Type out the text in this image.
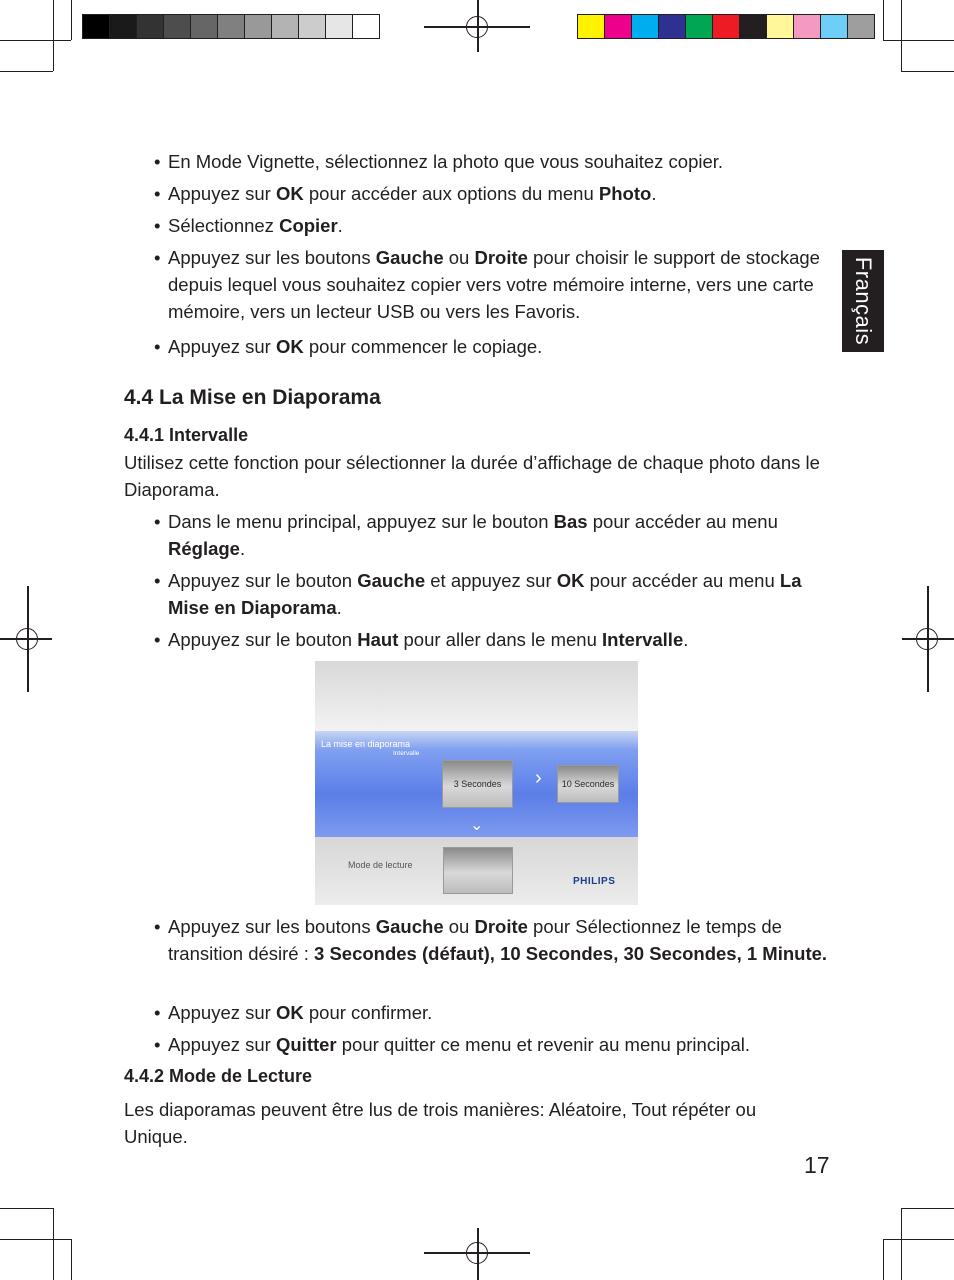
Français
• En Mode Vignette, sélectionnez la photo que vous souhaitez copier.
• Appuyez sur OK pour accéder aux options du menu Photo.
• Sélectionnez Copier.
• Appuyez sur les boutons Gauche ou Droite pour choisir le support de stockage depuis lequel vous souhaitez copier vers votre mémoire interne, vers une carte mémoire, vers un lecteur USB ou vers les Favoris.
• Appuyez sur OK pour commencer le copiage.
4.4 La Mise en Diaporama
4.4.1 Intervalle
Utilisez cette fonction pour sélectionner la durée d’affichage de chaque photo dans le Diaporama.
• Dans le menu principal, appuyez sur le bouton Bas pour accéder au menu Réglage.
• Appuyez sur le bouton Gauche et appuyez sur OK pour accéder au menu La Mise en Diaporama.
• Appuyez sur le bouton Haut pour aller dans le menu Intervalle.
La mise en diaporama
Intervalle
3 Secondes	›	10 Secondes
⌄
Mode de lecture
PHILIPS
• Appuyez sur les boutons Gauche ou Droite pour Sélectionnez le temps de transition désiré : 3 Secondes (défaut), 10 Secondes, 30 Secondes, 1 Minute.
• Appuyez sur OK pour confirmer.
• Appuyez sur Quitter pour quitter ce menu et revenir au menu principal.
4.4.2 Mode de Lecture
Les diaporamas peuvent être lus de trois manières: Aléatoire, Tout répéter ou Unique.
17
